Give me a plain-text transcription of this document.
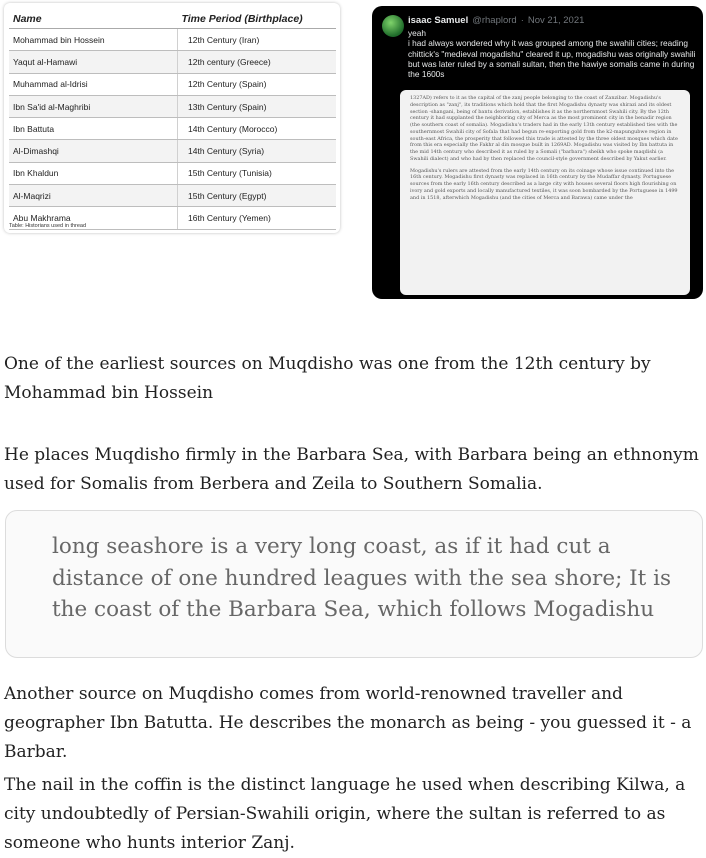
Name	Time Period (Birthplace)
Mohammad bin Hossein	12th Century (Iran)
Yaqut al-Hamawi	12th century (Greece)
Muhammad al-Idrisi	12th Century (Spain)
Ibn Sa'id al-Maghribi	13th Century (Spain)
Ibn Battuta	14th Century (Morocco)
Al-Dimashqi	14th Century (Syria)
Ibn Khaldun	15th Century (Tunisia)
Al-Maqrizi	15th Century (Egypt)
Abu Makhrama	16th Century (Yemen)
Table: Historians used in thread
isaac Samuel @rhaplord · Nov 21, 2021
yeah
i had always wondered why it was grouped among the swahili cities; reading chittick's "medieval mogadishu" cleared it up, mogadishu was originally swahili but was later ruled by a somali sultan, then the hawiye somalis came in during the 1600s
1327AD) refers to it as the capital of the zanj people belonging to the coast of Zanzibar. Mogadishu's description as "zanj", its traditions which hold that the first Mogadishu dynasty was shirazi and its oldest section -shangani, being of bantu derivation, establishes it as the northernmost Swahili city. By the 12th century it had supplanted the neighboring city of Merca as the most prominent city in the benadir region (the southern coast of somalia). Mogadishu's traders had in the early 13th century established ties with the southernmost Swahili city of Sofala that had begun re-exporting gold from the k2-mapungubwe region in south-east Africa, the prosperity that followed this trade is attested by the three oldest mosques which date from this era especially the Fakhr al din mosque built in 1269AD. Mogadishu was visited by Ibn battuta in the mid 14th century who described it as ruled by a Somali ("barbara") sheikh who spoke maqdishi (a Swahili dialect) and who had by then replaced the council-style government described by Yakut earlier.
Mogadishu's rulers are attested from the early 14th century on its coinage whose issue continued into the 16th century. Mogadishu first dynasty was replaced in 16th century by the Mudaffar dynasty. Portuguese sources from the early 16th century described as a large city with houses several floors high flourishing on ivory and gold exports and locally manufactured textiles, it was soon bombarded by the Portuguese in 1499 and in 1518, afterwhich Mogadishu (and the cities of Merca and Barawa) came under the

One of the earliest sources on Muqdisho was one from the 12th century by Mohammad bin Hossein

He places Muqdisho firmly in the Barbara Sea, with Barbara being an ethnonym used for Somalis from Berbera and Zeila to Southern Somalia.

long seashore is a very long coast, as if it had cut a distance of one hundred leagues with the sea shore; It is the coast of the Barbara Sea, which follows Mogadishu

Another source on Muqdisho comes from world-renowned traveller and geographer Ibn Batutta. He describes the monarch as being - you guessed it - a Barbar.

The nail in the coffin is the distinct language he used when describing Kilwa, a city undoubtedly of Persian-Swahili origin, where the sultan is referred to as someone who hunts interior Zanj.
